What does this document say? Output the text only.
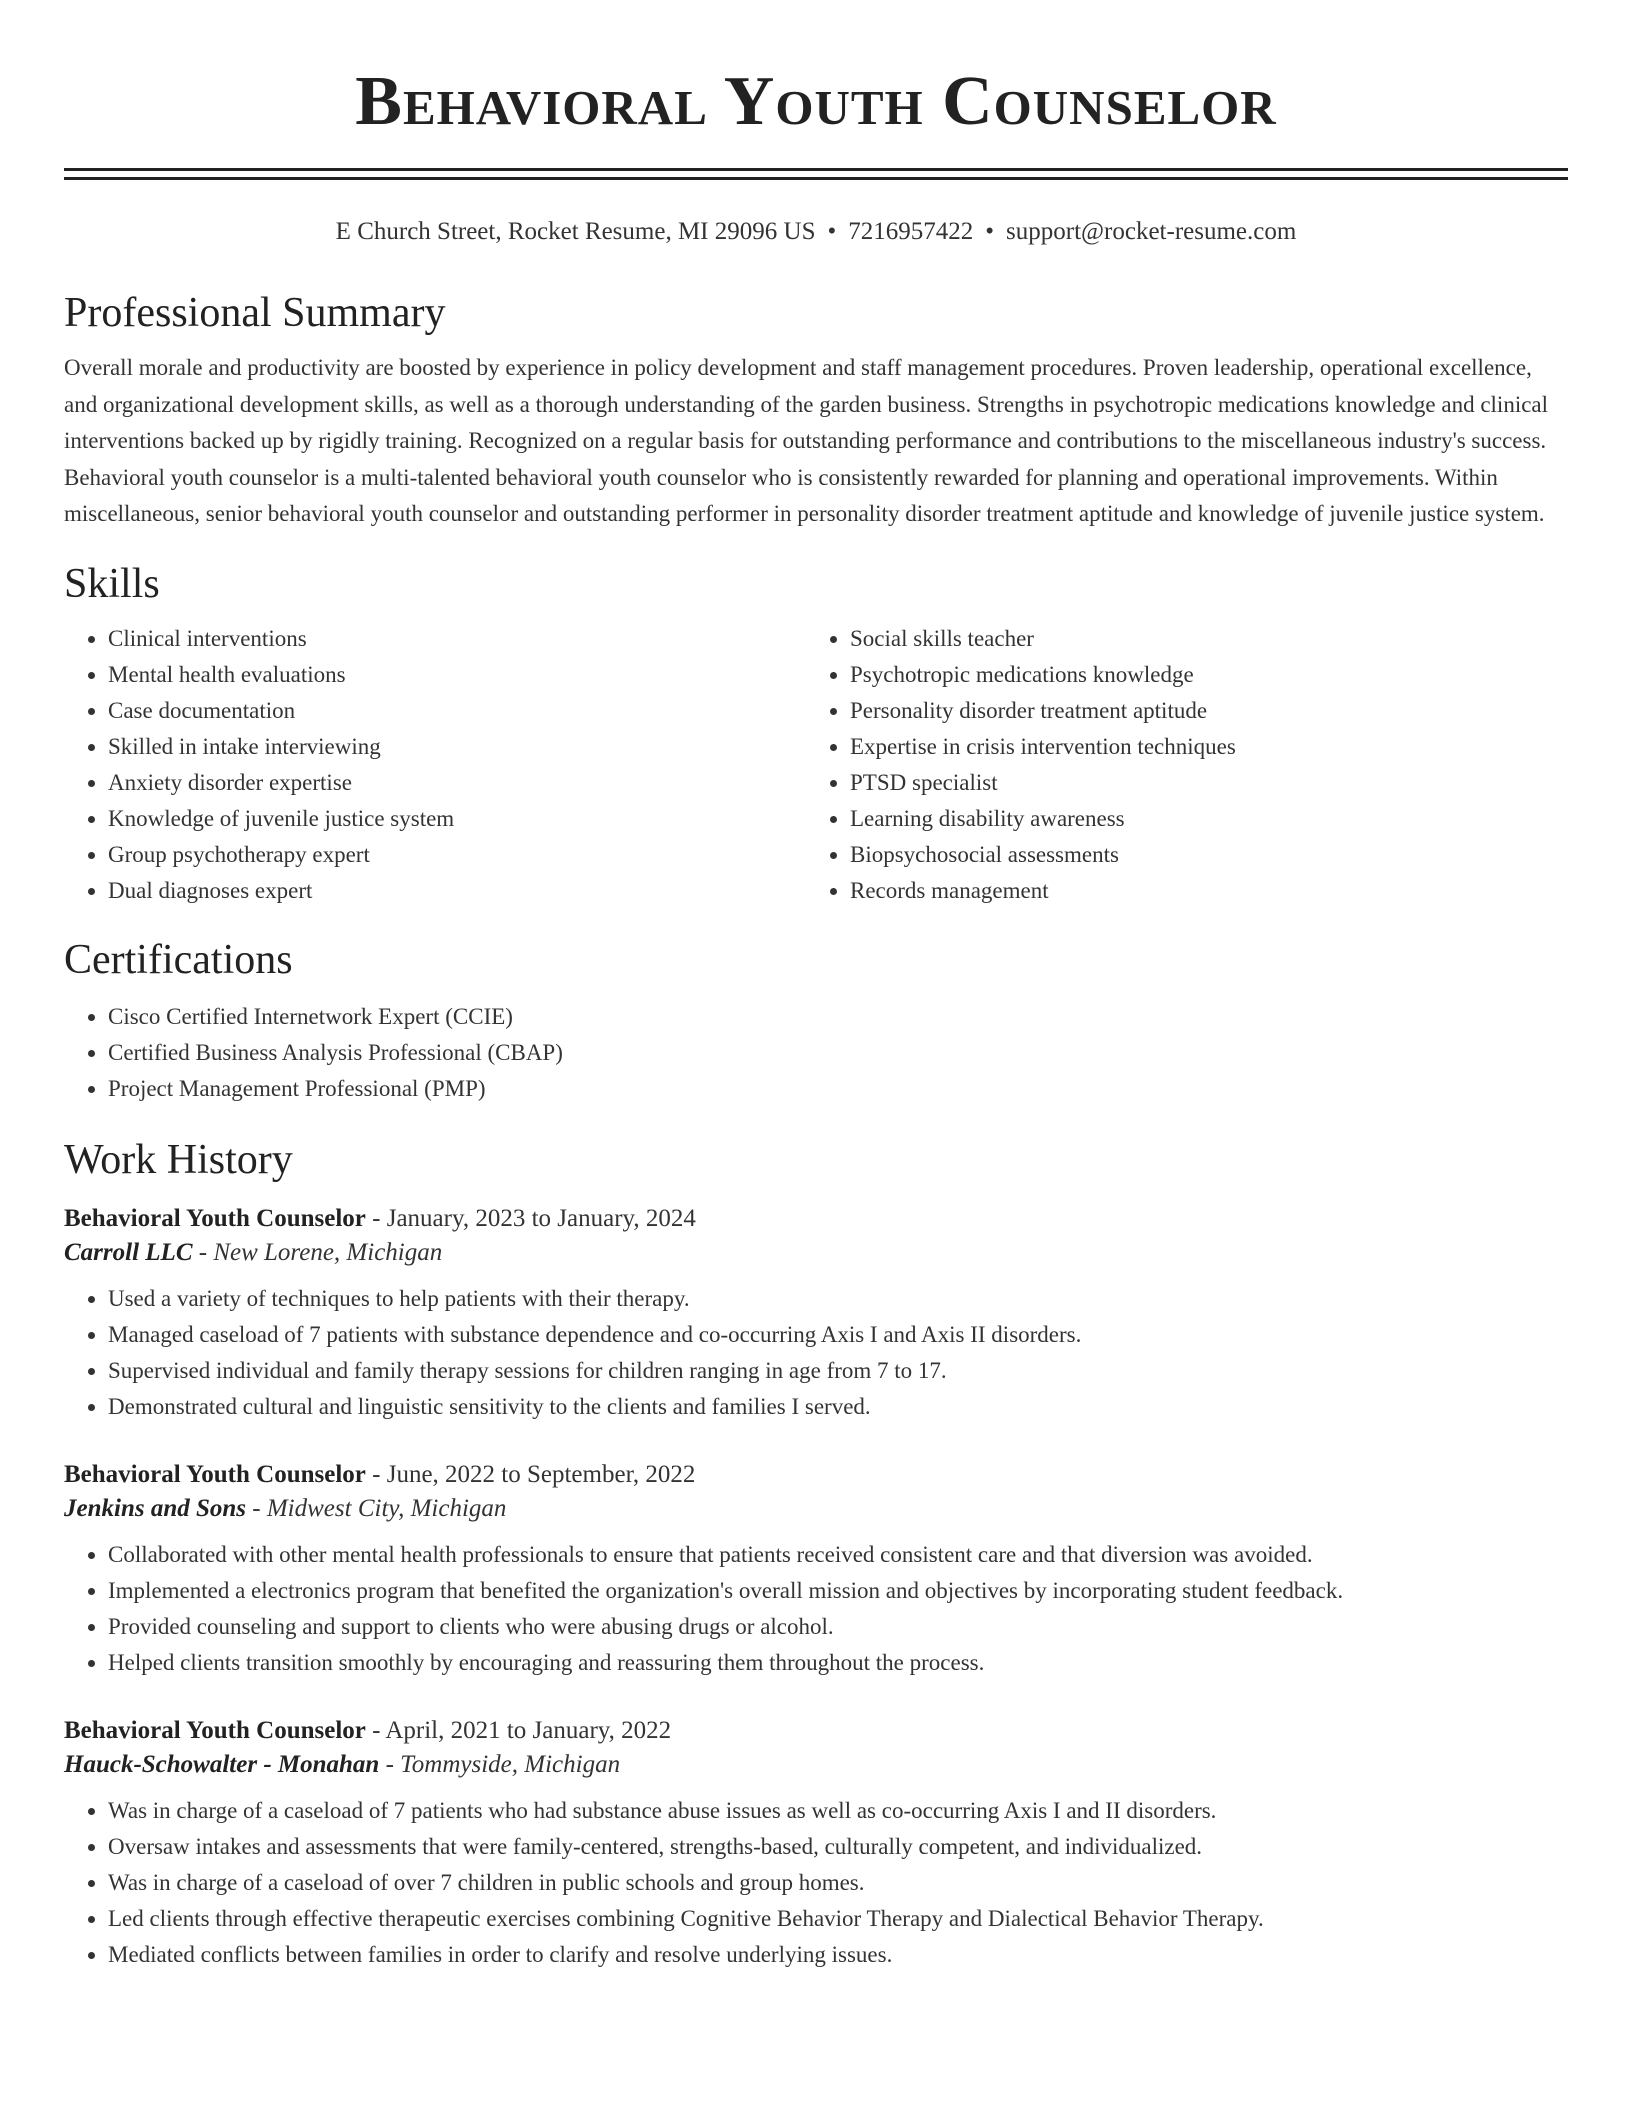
Behavioral Youth Counselor
E Church Street, Rocket Resume, MI 29096 US • 7216957422 • support@rocket-resume.com
Professional Summary

Overall morale and productivity are boosted by experience in policy development and staff management procedures. Proven leadership, operational excellence, and organizational development skills, as well as a thorough understanding of the garden business. Strengths in psychotropic medications knowledge and clinical interventions backed up by rigidly training. Recognized on a regular basis for outstanding performance and contributions to the miscellaneous industry's success. Behavioral youth counselor is a multi-talented behavioral youth counselor who is consistently rewarded for planning and operational improvements. Within miscellaneous, senior behavioral youth counselor and outstanding performer in personality disorder treatment aptitude and knowledge of juvenile justice system.

Skills
• Clinical interventions
• Mental health evaluations
• Case documentation
• Skilled in intake interviewing
• Anxiety disorder expertise
• Knowledge of juvenile justice system
• Group psychotherapy expert
• Dual diagnoses expert
• Social skills teacher
• Psychotropic medications knowledge
• Personality disorder treatment aptitude
• Expertise in crisis intervention techniques
• PTSD specialist
• Learning disability awareness
• Biopsychosocial assessments
• Records management
Certifications
• Cisco Certified Internetwork Expert (CCIE)
• Certified Business Analysis Professional (CBAP)
• Project Management Professional (PMP)
Work History
Behavioral Youth Counselor - January, 2023 to January, 2024
Carroll LLC - New Lorene, Michigan
• Used a variety of techniques to help patients with their therapy.
• Managed caseload of 7 patients with substance dependence and co-occurring Axis I and Axis II disorders.
• Supervised individual and family therapy sessions for children ranging in age from 7 to 17.
• Demonstrated cultural and linguistic sensitivity to the clients and families I served.
Behavioral Youth Counselor - June, 2022 to September, 2022
Jenkins and Sons - Midwest City, Michigan
• Collaborated with other mental health professionals to ensure that patients received consistent care and that diversion was avoided.
• Implemented a electronics program that benefited the organization's overall mission and objectives by incorporating student feedback.
• Provided counseling and support to clients who were abusing drugs or alcohol.
• Helped clients transition smoothly by encouraging and reassuring them throughout the process.
Behavioral Youth Counselor - April, 2021 to January, 2022
Hauck-Schowalter - Monahan - Tommyside, Michigan
• Was in charge of a caseload of 7 patients who had substance abuse issues as well as co-occurring Axis I and II disorders.
• Oversaw intakes and assessments that were family-centered, strengths-based, culturally competent, and individualized.
• Was in charge of a caseload of over 7 children in public schools and group homes.
• Led clients through effective therapeutic exercises combining Cognitive Behavior Therapy and Dialectical Behavior Therapy.
• Mediated conflicts between families in order to clarify and resolve underlying issues.
